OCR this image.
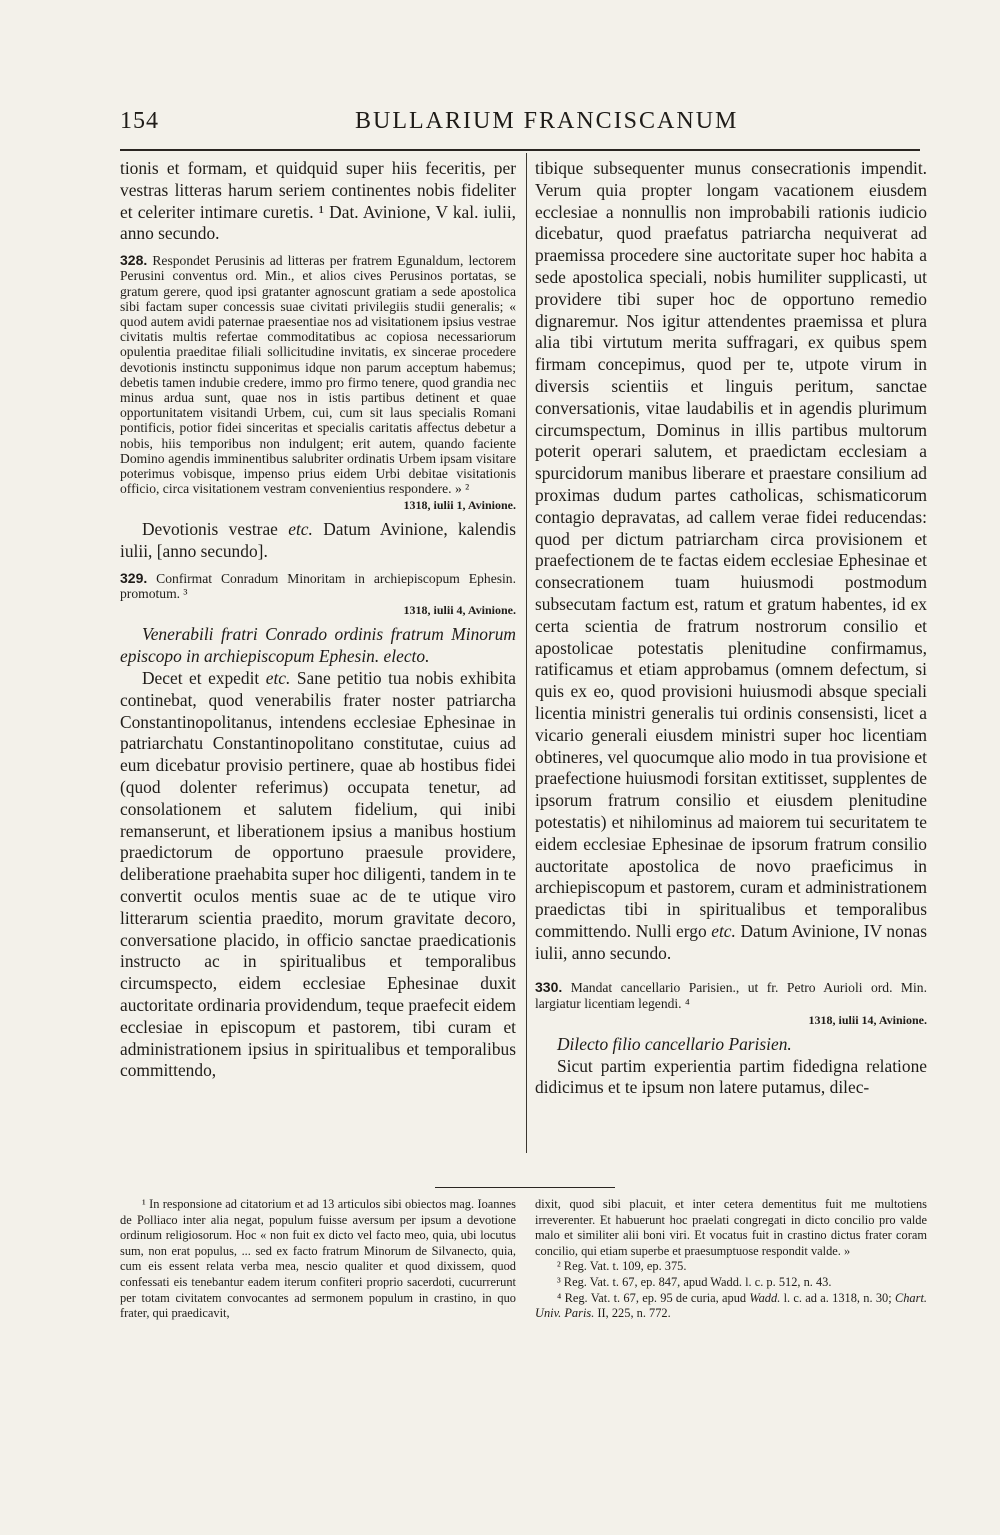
154	BULLARIUM FRANCISCANUM

tionis et formam, et quidquid super hiis feceritis, per vestras litteras harum seriem continentes nobis fideliter et celeriter intimare curetis. ¹ Dat. Avinione, V kal. iulii, anno secundo.

328. Respondet Perusinis ad litteras per fratrem Egunaldum, lectorem Perusini conventus ord. Min., et alios cives Perusinos portatas, se gratum gerere, quod ipsi gratanter agnoscunt gratiam a sede apostolica sibi factam super concessis suae civitati privilegiis studii generalis; « quod autem avidi paternae praesentiae nos ad visitationem ipsius vestrae civitatis multis refertae commoditatibus ac copiosa necessariorum opulentia praeditae filiali sollicitudine invitatis, ex sincerae procedere devotionis instinctu supponimus idque non parum acceptum habemus; debetis tamen indubie credere, immo pro firmo tenere, quod grandia nec minus ardua sunt, quae nos in istis partibus detinent et quae opportunitatem visitandi Urbem, cui, cum sit laus specialis Romani pontificis, potior fidei sinceritas et specialis caritatis affectus debetur a nobis, hiis temporibus non indulgent; erit autem, quando faciente Domino agendis imminentibus salubriter ordinatis Urbem ipsam visitare poterimus vobisque, impenso prius eidem Urbi debitae visitationis officio, circa visitationem vestram convenientius respondere. » ²

1318, iulii 1, Avinione.

Devotionis vestrae etc. Datum Avinione, kalendis iulii, [anno secundo].

329. Confirmat Conradum Minoritam in archiepiscopum Ephesin. promotum. ³

1318, iulii 4, Avinione.

Venerabili fratri Conrado ordinis fratrum Minorum episcopo in archiepiscopum Ephesin. electo.

Decet et expedit etc. Sane petitio tua nobis exhibita continebat, quod venerabilis frater noster patriarcha Constantinopolitanus, intendens ecclesiae Ephesinae in patriarchatu Constantinopolitano constitutae, cuius ad eum dicebatur provisio pertinere, quae ab hostibus fidei (quod dolenter referimus) occupata tenetur, ad consolationem et salutem fidelium, qui inibi remanserunt, et liberationem ipsius a manibus hostium praedictorum de opportuno praesule providere, deliberatione praehabita super hoc diligenti, tandem in te convertit oculos mentis suae ac de te utique viro litterarum scientia praedito, morum gravitate decoro, conversatione placido, in officio sanctae praedicationis instructo ac in spiritualibus et temporalibus circumspecto, eidem ecclesiae Ephesinae duxit auctoritate ordinaria providendum, teque praefecit eidem ecclesiae in episcopum et pastorem, tibi curam et administrationem ipsius in spiritualibus et temporalibus committendo,

tibique subsequenter munus consecrationis impendit. Verum quia propter longam vacationem eiusdem ecclesiae a nonnullis non improbabili rationis iudicio dicebatur, quod praefatus patriarcha nequiverat ad praemissa procedere sine auctoritate super hoc habita a sede apostolica speciali, nobis humiliter supplicasti, ut providere tibi super hoc de opportuno remedio dignaremur. Nos igitur attendentes praemissa et plura alia tibi virtutum merita suffragari, ex quibus spem firmam concepimus, quod per te, utpote virum in diversis scientiis et linguis peritum, sanctae conversationis, vitae laudabilis et in agendis plurimum circumspectum, Dominus in illis partibus multorum poterit operari salutem, et praedictam ecclesiam a spurcidorum manibus liberare et praestare consilium ad proximas dudum partes catholicas, schismaticorum contagio depravatas, ad callem verae fidei reducendas: quod per dictum patriarcham circa provisionem et praefectionem de te factas eidem ecclesiae Ephesinae et consecrationem tuam huiusmodi postmodum subsecutam factum est, ratum et gratum habentes, id ex certa scientia de fratrum nostrorum consilio et apostolicae potestatis plenitudine confirmamus, ratificamus et etiam approbamus (omnem defectum, si quis ex eo, quod provisioni huiusmodi absque speciali licentia ministri generalis tui ordinis consensisti, licet a vicario generali eiusdem ministri super hoc licentiam obtineres, vel quocumque alio modo in tua provisione et praefectione huiusmodi forsitan extitisset, supplentes de ipsorum fratrum consilio et eiusdem plenitudine potestatis) et nihilominus ad maiorem tui securitatem te eidem ecclesiae Ephesinae de ipsorum fratrum consilio auctoritate apostolica de novo praeficimus in archiepiscopum et pastorem, curam et administrationem praedictas tibi in spiritualibus et temporalibus committendo. Nulli ergo etc. Datum Avinione, IV nonas iulii, anno secundo.

330. Mandat cancellario Parisien., ut fr. Petro Aurioli ord. Min. largiatur licentiam legendi. ⁴

1318, iulii 14, Avinione.

Dilecto filio cancellario Parisien.

Sicut partim experientia partim fidedigna relatione didicimus et te ipsum non latere putamus, dilec-

¹ In responsione ad citatorium et ad 13 articulos sibi obiectos mag. Ioannes de Polliaco inter alia negat, populum fuisse aversum per ipsum a devotione ordinum religiosorum. Hoc « non fuit ex dicto vel facto meo, quia, ubi locutus sum, non erat populus, ... sed ex facto fratrum Minorum de Silvanecto, quia, cum eis essent relata verba mea, nescio qualiter et quod dixissem, quod confessati eis tenebantur eadem iterum confiteri proprio sacerdoti, cucurrerunt per totam civitatem convocantes ad sermonem populum in crastino, in quo frater, qui praedicavit,

dixit, quod sibi placuit, et inter cetera dementitus fuit me multotiens irreverenter. Et habuerunt hoc praelati congregati in dicto concilio pro valde malo et similiter alii boni viri. Et vocatus fuit in crastino dictus frater coram concilio, qui etiam superbe et praesumptuose respondit valde. »

² Reg. Vat. t. 109, ep. 375.

³ Reg. Vat. t. 67, ep. 847, apud Wadd. l. c. p. 512, n. 43.

⁴ Reg. Vat. t. 67, ep. 95 de curia, apud Wadd. l. c. ad a. 1318, n. 30; Chart. Univ. Paris. II, 225, n. 772.
